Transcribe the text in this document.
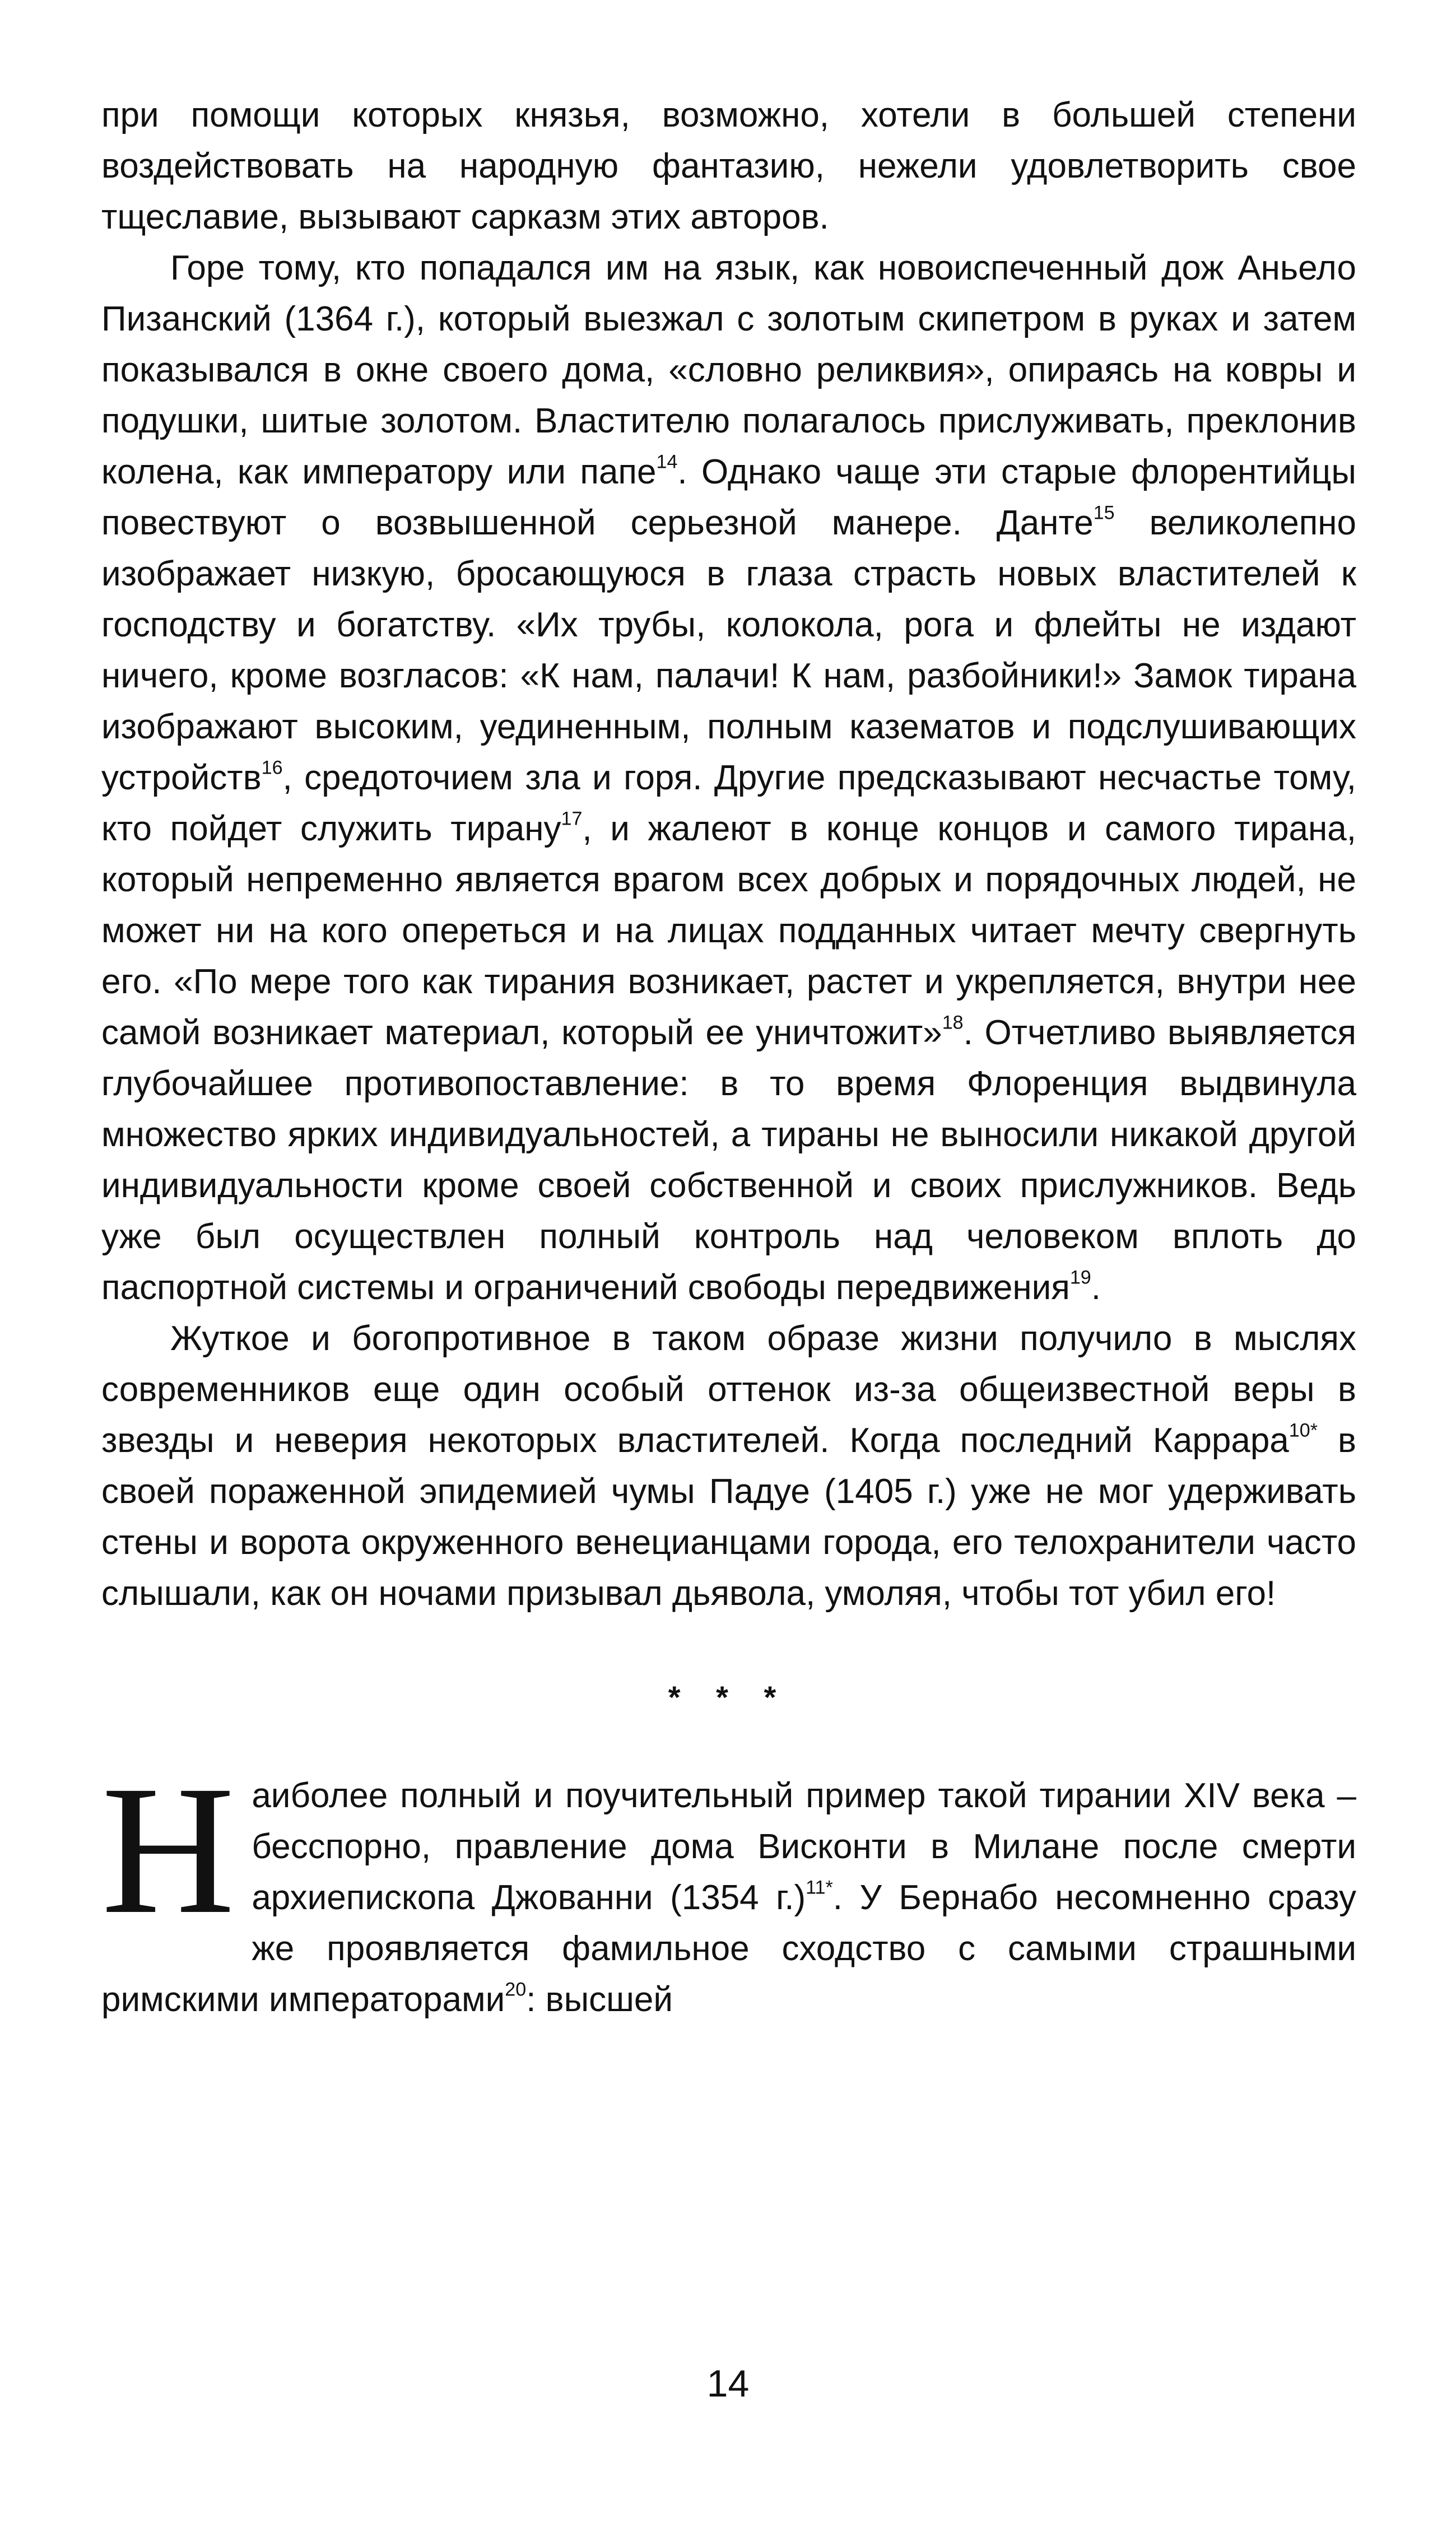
при помощи которых князья, возможно, хотели в большей степени воздействовать на народную фантазию, нежели удовлетворить свое тщеславие, вызывают сарказм этих авторов.

Горе тому, кто попадался им на язык, как новоиспеченный дож Аньело Пизанский (1364 г.), который выезжал с золотым скипетром в руках и затем показывался в окне своего дома, «словно реликвия», опираясь на ковры и подушки, шитые золотом. Властителю полагалось прислуживать, преклонив колена, как императору или папе$^{14}$. Однако чаще эти старые флорентийцы повествуют о возвышенной серьезной манере. Данте$^{15}$ великолепно изображает низкую, бросающуюся в глаза страсть новых властителей к господству и богатству. «Их трубы, колокола, рога и флейты не издают ничего, кроме возгласов: «К нам, палачи! К нам, разбойники!» Замок тирана изображают высоким, уединенным, полным казематов и подслушивающих устройств$^{16}$, средоточием зла и горя. Другие предсказывают несчастье тому, кто пойдет служить тирану$^{17}$, и жалеют в конце концов и самого тирана, который непременно является врагом всех добрых и порядочных людей, не может ни на кого опереться и на лицах подданных читает мечту свергнуть его. «По мере того как тирания возникает, растет и укрепляется, внутри нее самой возникает материал, который ее уничтожит»$^{18}$. Отчетливо выявляется глубочайшее противопоставление: в то время Флоренция выдвинула множество ярких индивидуальностей, а тираны не выносили никакой другой индивидуальности кроме своей собственной и своих прислужников. Ведь уже был осуществлен полный контроль над человеком вплоть до паспортной системы и ограничений свободы передвижения$^{19}$.

Жуткое и богопротивное в таком образе жизни получило в мыслях современников еще один особый оттенок из-за общеизвестной веры в звезды и неверия некоторых властителей. Когда последний Каррара$^{10*}$ в своей пораженной эпидемией чумы Падуе (1405 г.) уже не мог удерживать стены и ворота окруженного венецианцами города, его телохранители часто слышали, как он ночами призывал дьявола, умоляя, чтобы тот убил его!

* * *

Наиболее полный и поучительный пример такой тирании XIV века – бесспорно, правление дома Висконти в Милане после смерти архиепископа Джованни (1354 г.)$^{11*}$. У Бернабо несомненно сразу же проявляется фамильное сходство с самыми страшными римскими императорами$^{20}$: высшей

14
